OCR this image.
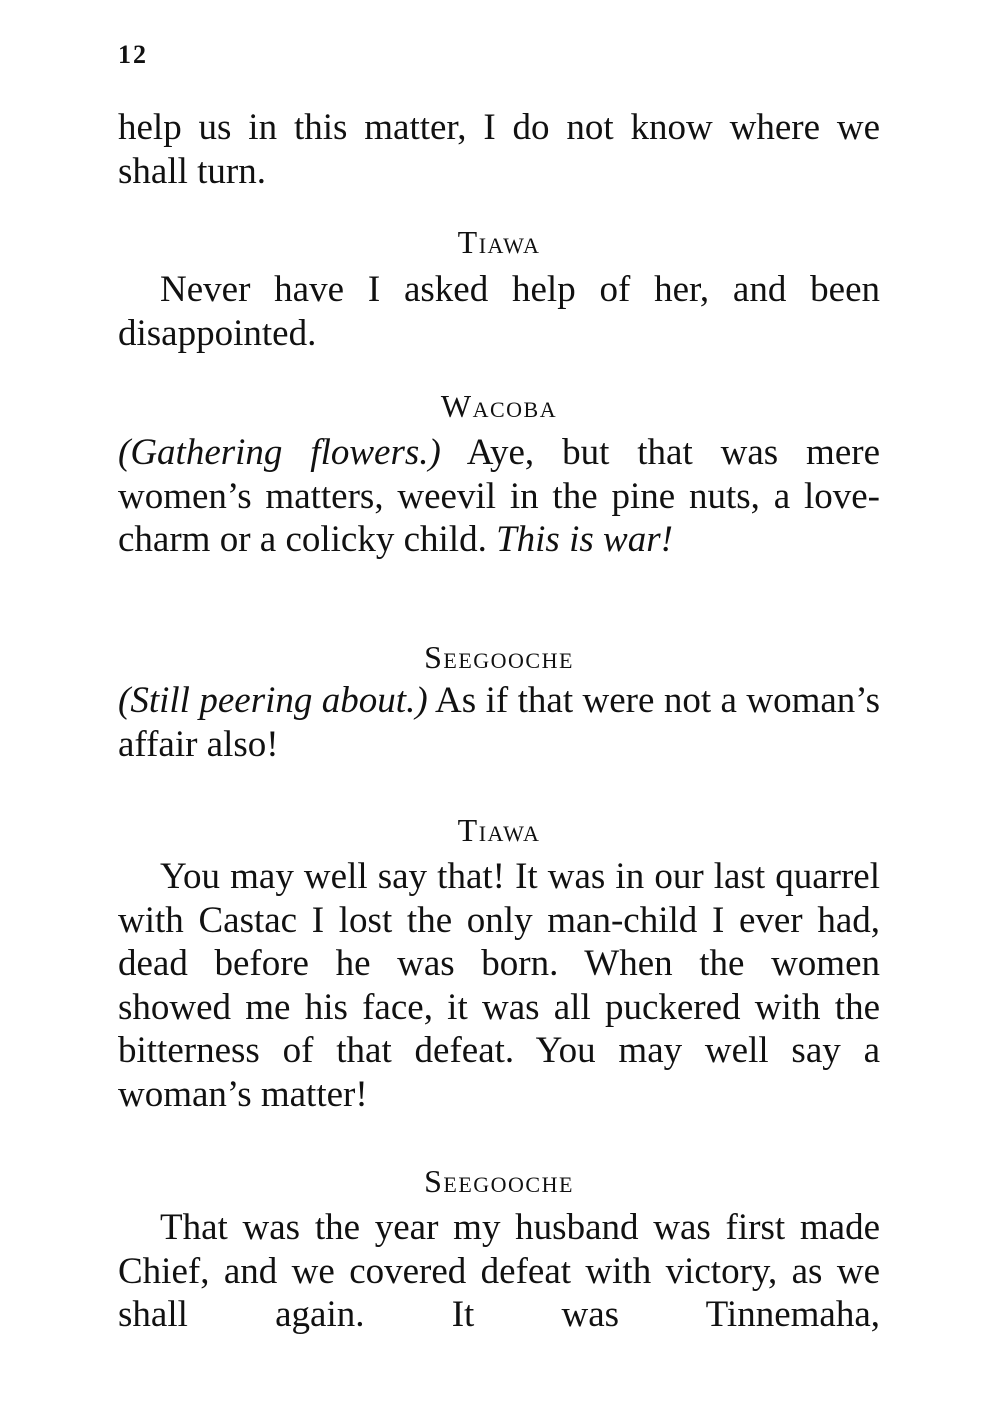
12
help us in this matter, I do not know where we shall turn.
Tiawa
Never have I asked help of her, and been disappointed.
Wacoba
(Gathering flowers.) Aye, but that was mere women’s matters, weevil in the pine nuts, a love-charm or a colicky child. This is war!
Seegooche
(Still peering about.) As if that were not a woman’s affair also!
Tiawa
You may well say that! It was in our last quarrel with Castac I lost the only man-child I ever had, dead before he was born. When the women showed me his face, it was all puckered with the bitterness of that defeat. You may well say a woman’s matter!
Seegooche
That was the year my husband was first made Chief, and we covered defeat with victory, as we shall again. It was Tinnemaha,
